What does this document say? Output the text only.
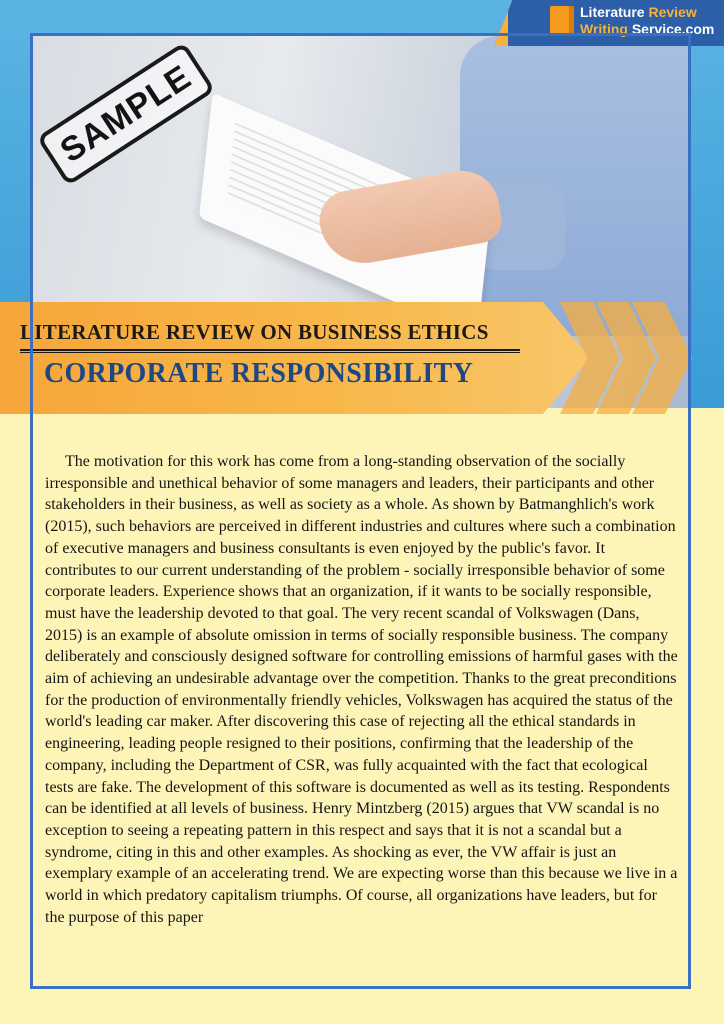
SAMPLE
Literature Review
Writing Service.com
LITERATURE REVIEW ON BUSINESS ETHICS
CORPORATE RESPONSIBILITY
The motivation for this work has come from a long-standing observation of the socially irresponsible and unethical behavior of some managers and leaders, their participants and other stakeholders in their business, as well as society as a whole. As shown by Batmanghlich's work (2015), such behaviors are perceived in different industries and cultures where such a combination of executive managers and business consultants is even enjoyed by the public's favor. It contributes to our current understanding of the problem - socially irresponsible behavior of some corporate leaders. Experience shows that an organization, if it wants to be socially responsible, must have the leadership devoted to that goal. The very recent scandal of Volkswagen (Dans, 2015) is an example of absolute omission in terms of socially responsible business. The company deliberately and consciously designed software for controlling emissions of harmful gases with the aim of achieving an undesirable advantage over the competition. Thanks to the great preconditions for the production of environmentally friendly vehicles, Volkswagen has acquired the status of the world's leading car maker. After discovering this case of rejecting all the ethical standards in engineering, leading people resigned to their positions, confirming that the leadership of the company, including the Department of CSR, was fully acquainted with the fact that ecological tests are fake. The development of this software is documented as well as its testing. Respondents can be identified at all levels of business. Henry Mintzberg (2015) argues that VW scandal is no exception to seeing a repeating pattern in this respect and says that it is not a scandal but a syndrome, citing in this and other examples. As shocking as ever, the VW affair is just an exemplary example of an accelerating trend. We are expecting worse than this because we live in a world in which predatory capitalism triumphs. Of course, all organizations have leaders, but for the purpose of this paper
